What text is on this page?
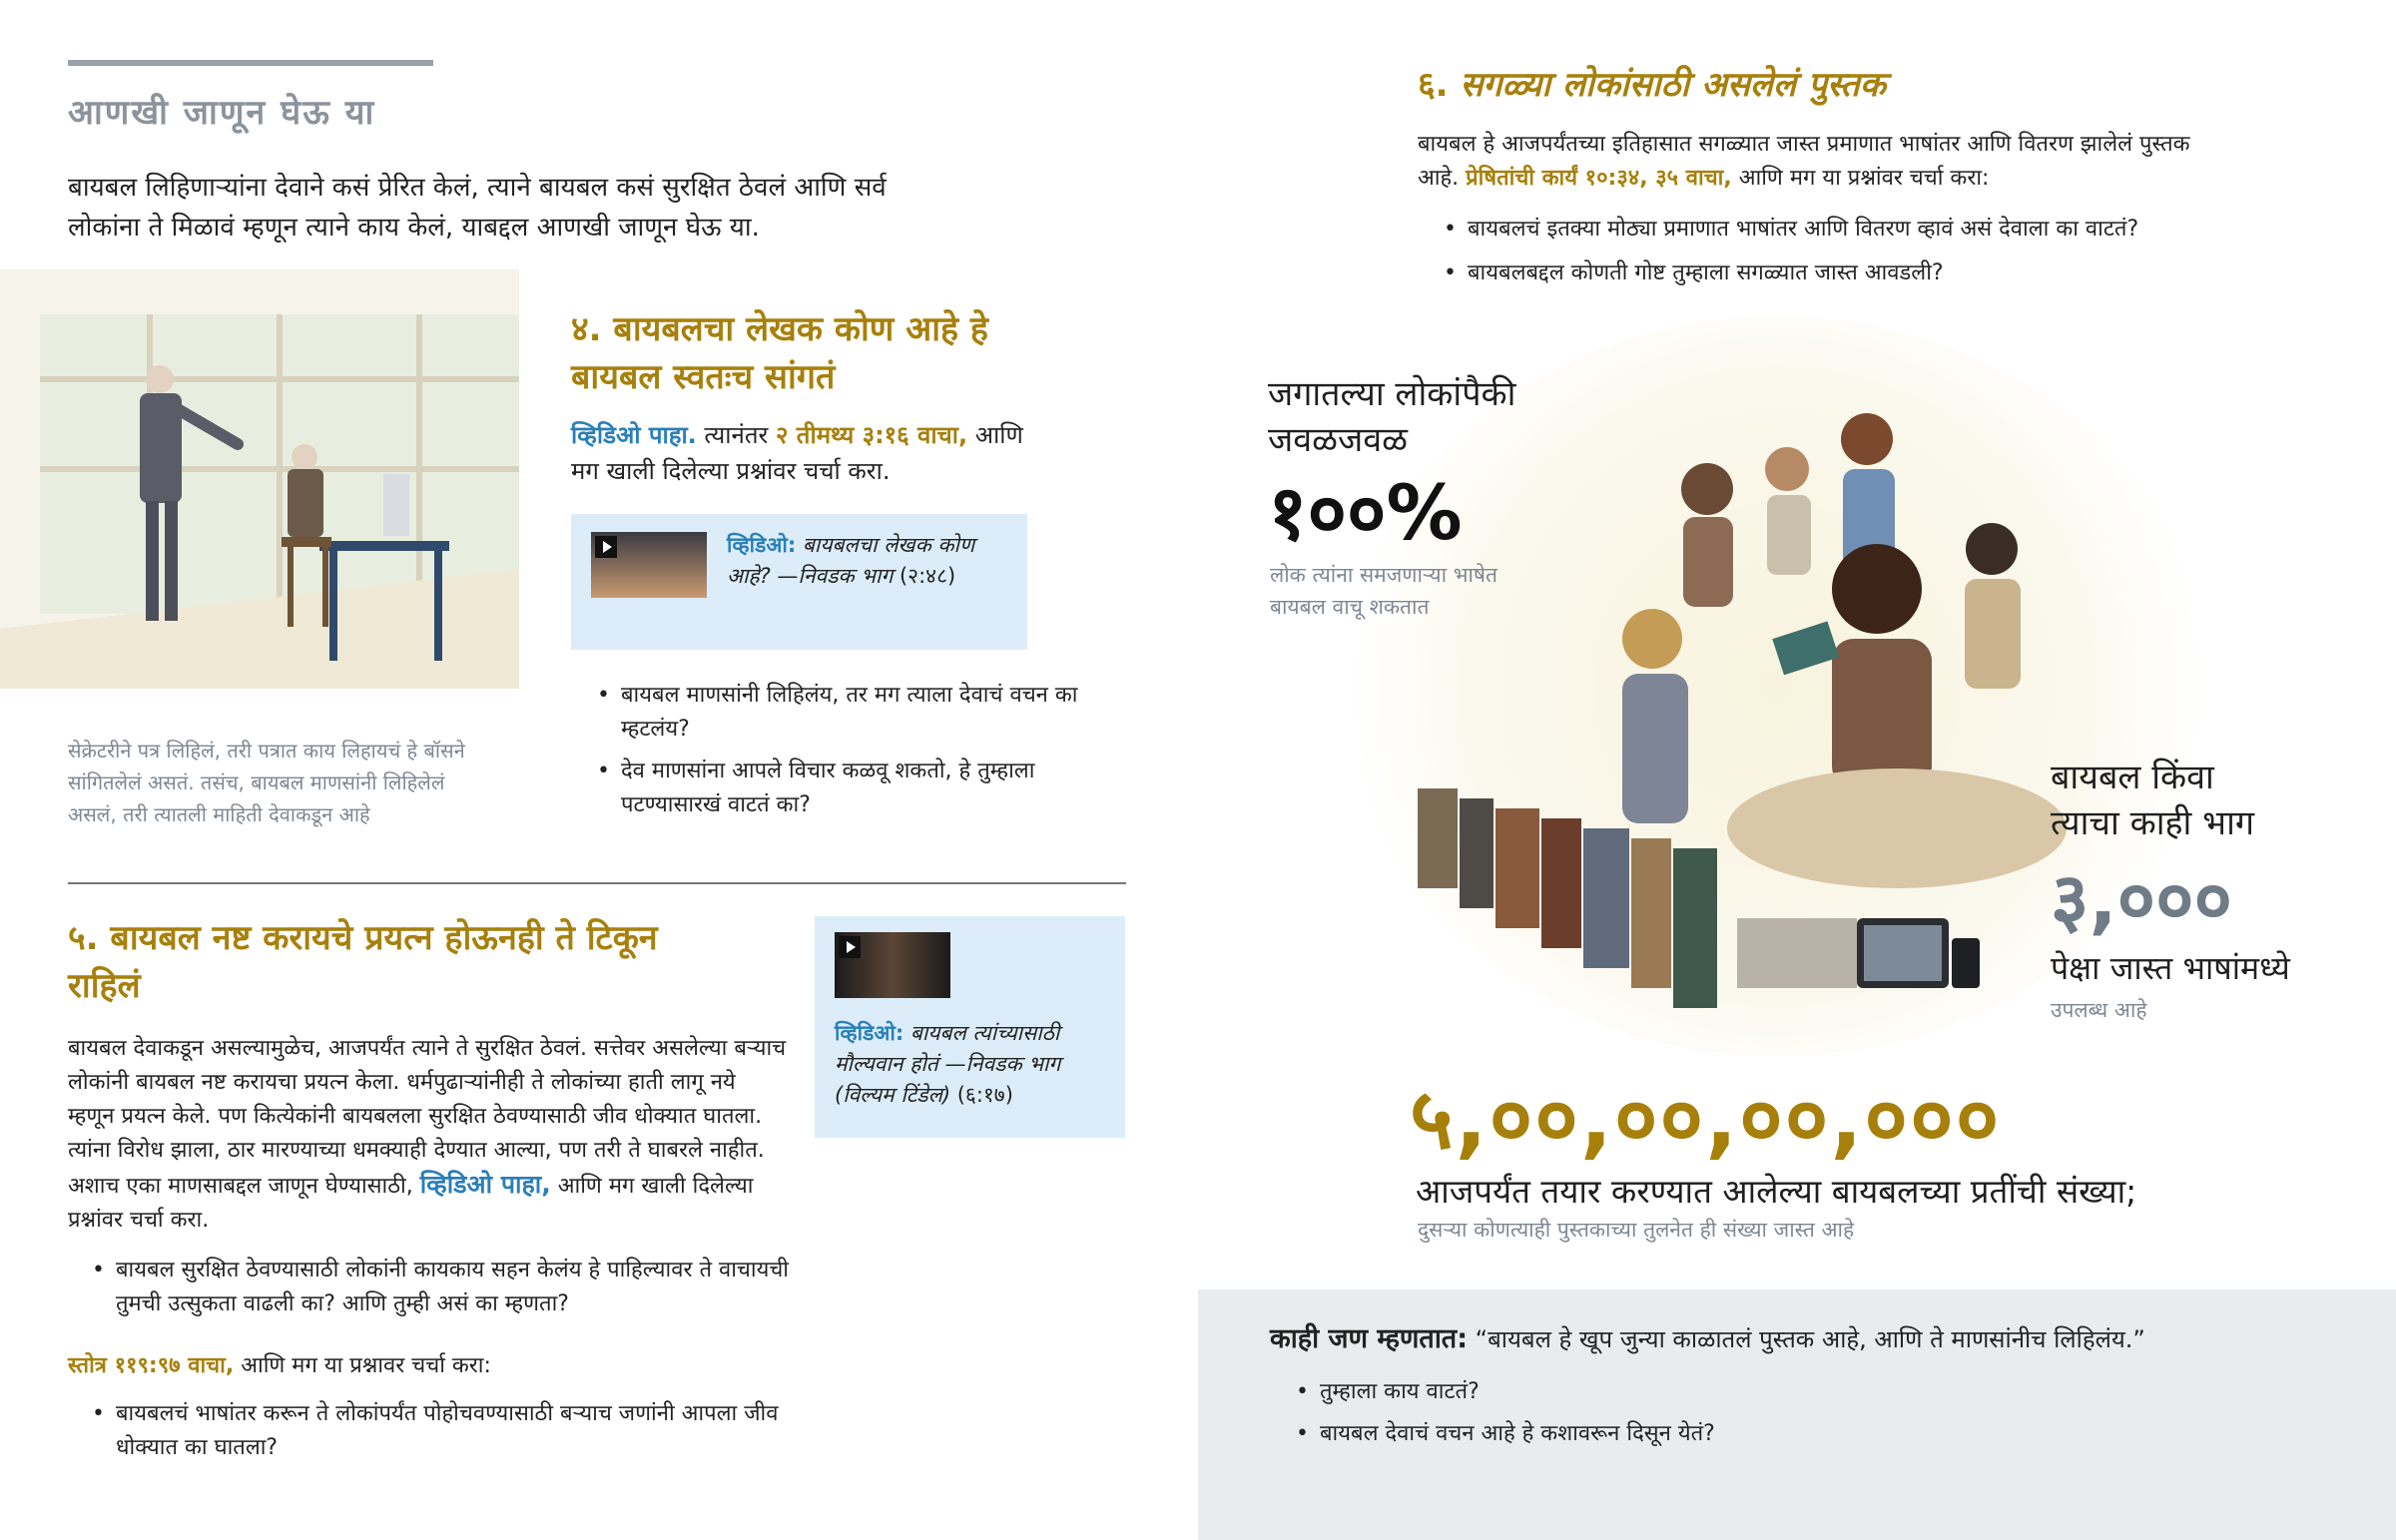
आणखी जाणून घेऊ या
बायबल लिहिणाऱ्यांना देवाने कसं प्रेरित केलं, त्याने बायबल कसं सुरक्षित ठेवलं आणि सर्व लोकांना ते मिळावं म्हणून त्याने काय केलं, याबद्दल आणखी जाणून घेऊ या.
सेक्रेटरीने पत्र लिहिलं, तरी पत्रात काय लिहायचं हे बॉसने सांगितलेलं असतं. तसंच, बायबल माणसांनी लिहिलेलं असलं, तरी त्यातली माहिती देवाकडून आहे
४. बायबलचा लेखक कोण आहे हे बायबल स्वतःच सांगतं
व्हिडिओ पाहा. त्यानंतर २ तीमथ्य ३:१६ वाचा, आणि मग खाली दिलेल्या प्रश्नांवर चर्चा करा.
व्हिडिओ: बायबलचा लेखक कोण आहे? —निवडक भाग (२:४८)
• बायबल माणसांनी लिहिलंय, तर मग त्याला देवाचं वचन का म्हटलंय?
• देव माणसांना आपले विचार कळवू शकतो, हे तुम्हाला पटण्यासारखं वाटतं का?
५. बायबल नष्ट करायचे प्रयत्न होऊनही ते टिकून राहिलं
बायबल देवाकडून असल्यामुळेच, आजपर्यंत त्याने ते सुरक्षित ठेवलं. सत्तेवर असलेल्या बऱ्याच लोकांनी बायबल नष्ट करायचा प्रयत्न केला. धर्मपुढाऱ्यांनीही ते लोकांच्या हाती लागू नये म्हणून प्रयत्न केले. पण कित्येकांनी बायबलला सुरक्षित ठेवण्यासाठी जीव धोक्यात घातला. त्यांना विरोध झाला, ठार मारण्याच्या धमक्याही देण्यात आल्या, पण तरी ते घाबरले नाहीत. अशाच एका माणसाबद्दल जाणून घेण्यासाठी, व्हिडिओ पाहा, आणि मग खाली दिलेल्या प्रश्नांवर चर्चा करा.
व्हिडिओ: बायबल त्यांच्यासाठी मौल्यवान होतं —निवडक भाग (विल्यम टिंडेल) (६:१७)
• बायबल सुरक्षित ठेवण्यासाठी लोकांनी कायकाय सहन केलंय हे पाहिल्यावर ते वाचायची तुमची उत्सुकता वाढली का? आणि तुम्ही असं का म्हणता?
स्तोत्र ११९:९७ वाचा, आणि मग या प्रश्नावर चर्चा करा:
• बायबलचं भाषांतर करून ते लोकांपर्यंत पोहोचवण्यासाठी बऱ्याच जणांनी आपला जीव धोक्यात का घातला?
६. सगळ्या लोकांसाठी असलेलं पुस्तक
बायबल हे आजपर्यंतच्या इतिहासात सगळ्यात जास्त प्रमाणात भाषांतर आणि वितरण झालेलं पुस्तक आहे. प्रेषितांची कार्यं १०:३४, ३५ वाचा, आणि मग या प्रश्नांवर चर्चा करा:
• बायबलचं इतक्या मोठ्या प्रमाणात भाषांतर आणि वितरण व्हावं असं देवाला का वाटतं?
• बायबलबद्दल कोणती गोष्ट तुम्हाला सगळ्यात जास्त आवडली?
जगातल्या लोकांपैकी जवळजवळ
१००%
लोक त्यांना समजणाऱ्या भाषेत बायबल वाचू शकतात
बायबल किंवा त्याचा काही भाग
३,०००
पेक्षा जास्त भाषांमध्ये
उपलब्ध आहे
५,००,००,००,०००
आजपर्यंत तयार करण्यात आलेल्या बायबलच्या प्रतींची संख्या;
दुसऱ्या कोणत्याही पुस्तकाच्या तुलनेत ही संख्या जास्त आहे
काही जण म्हणतात: “बायबल हे खूप जुन्या काळातलं पुस्तक आहे, आणि ते माणसांनीच लिहिलंय.”
• तुम्हाला काय वाटतं?
• बायबल देवाचं वचन आहे हे कशावरून दिसून येतं?
